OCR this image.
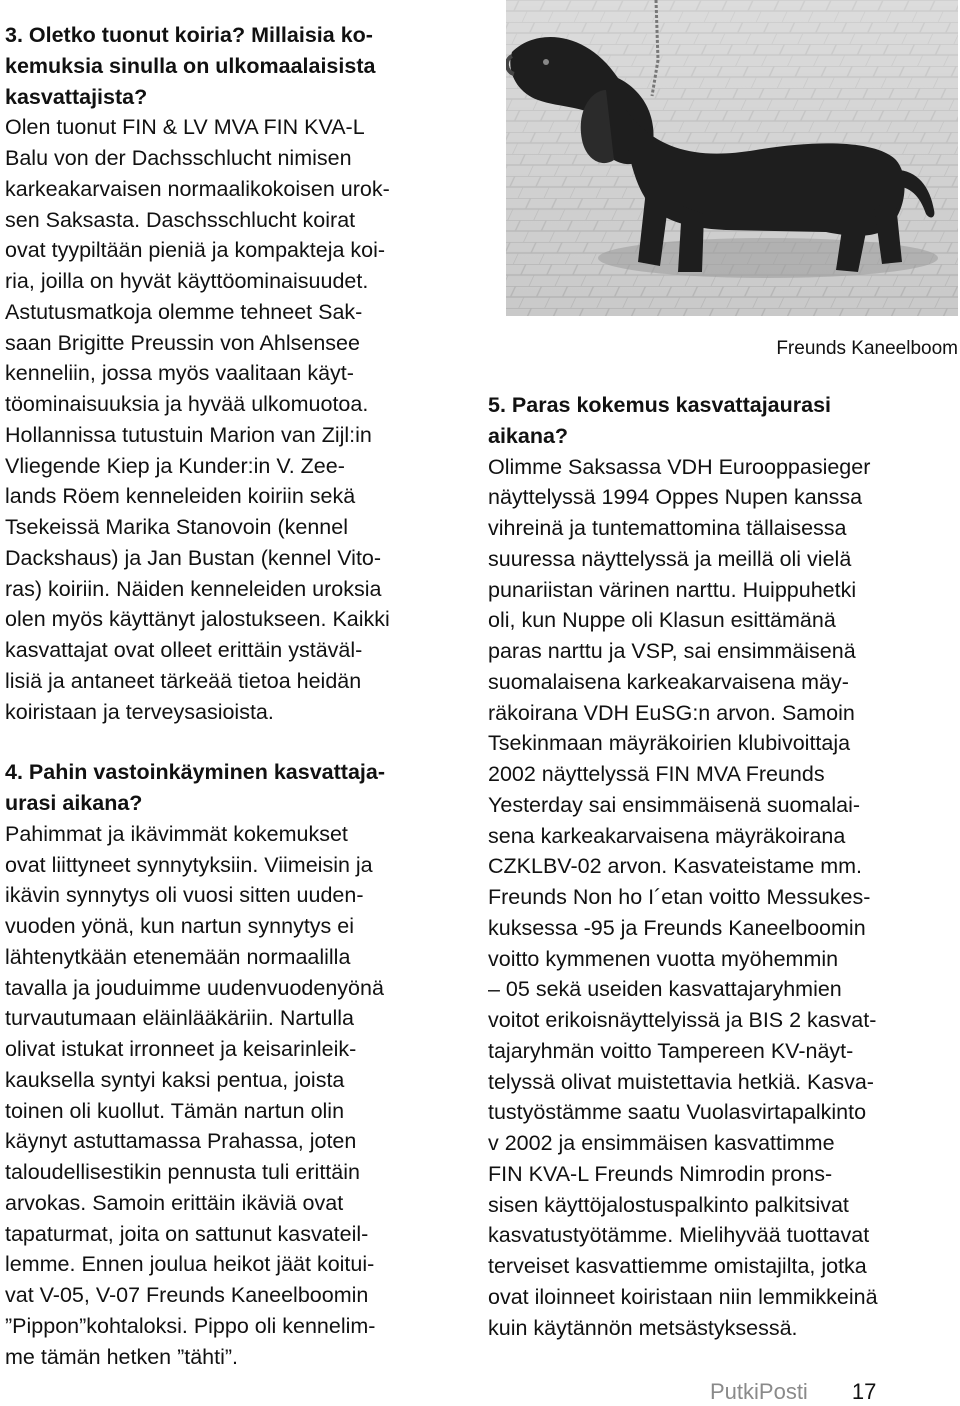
3. Oletko tuonut koiria? Millaisia ko-
kemuksia sinulla on ulkomaalaisista
kasvattajista?
Olen tuonut FIN & LV MVA FIN KVA-L
Balu von der Dachsschlucht nimisen
karkeakarvaisen normaalikokoisen urok-
sen Saksasta. Daschsschlucht koirat
ovat tyypiltään pieniä ja kompakteja koi-
ria, joilla on hyvät käyttöominaisuudet.
Astutusmatkoja olemme tehneet Sak-
saan Brigitte Preussin von Ahlsensee
kenneliin, jossa myös vaalitaan käyt-
töominaisuuksia ja hyvää ulkomuotoa.
Hollannissa tutustuin Marion van Zijl:in
Vliegende Kiep ja Kunder:in V. Zee-
lands Röem kenneleiden koiriin sekä
Tsekeissä Marika Stanovoin (kennel
Dackshaus) ja Jan Bustan (kennel Vito-
ras) koiriin. Näiden kenneleiden uroksia
olen myös käyttänyt jalostukseen. Kaikki
kasvattajat ovat olleet erittäin ystäväl-
lisiä ja antaneet tärkeää tietoa heidän
koiristaan ja terveysasioista.
4. Pahin vastoinkäyminen kasvattaja-
urasi aikana?
Pahimmat ja ikävimmät kokemukset
ovat liittyneet synnytyksiin. Viimeisin ja
ikävin synnytys oli vuosi sitten uuden-
vuoden yönä, kun nartun synnytys ei
lähtenytkään etenemään normaalilla
tavalla ja jouduimme uudenvuodenyönä
turvautumaan eläinlääkäriin. Nartulla
olivat istukat irronneet ja keisarinleik-
kauksella syntyi kaksi pentua, joista
toinen oli kuollut. Tämän nartun olin
käynyt astuttamassa Prahassa, joten
taloudellisestikin pennusta tuli erittäin
arvokas. Samoin erittäin ikäviä ovat
tapaturmat, joita on sattunut kasvateil-
lemme. Ennen joulua heikot jäät koitui-
vat V-05, V-07 Freunds Kaneelboomin
”Pippon”kohtaloksi. Pippo oli kennelim-
me tämän hetken ”tähti”.
Freunds Kaneelboom
5. Paras kokemus kasvattajaurasi
aikana?
Olimme Saksassa VDH Eurooppasieger
näyttelyssä 1994 Oppes Nupen kanssa
vihreinä ja tuntemattomina tällaisessa
suuressa näyttelyssä ja meillä oli vielä
punariistan värinen narttu. Huippuhetki
oli, kun Nuppe oli Klasun esittämänä
paras narttu ja VSP, sai ensimmäisenä
suomalaisena karkeakarvaisena mäy-
räkoirana VDH EuSG:n arvon. Samoin
Tsekinmaan mäyräkoirien klubivoittaja
2002 näyttelyssä FIN MVA Freunds
Yesterday sai ensimmäisenä suomalai-
sena karkeakarvaisena mäyräkoirana
CZKLBV-02 arvon. Kasvateistame mm.
Freunds Non ho I´etan voitto Messukes-
kuksessa -95 ja Freunds Kaneelboomin
voitto kymmenen vuotta myöhemmin
– 05 sekä useiden kasvattajaryhmien
voitot erikoisnäyttelyissä ja BIS 2 kasvat-
tajaryhmän voitto Tampereen KV-näyt-
telyssä olivat muistettavia hetkiä. Kasva-
tustyöstämme saatu Vuolasvirtapalkinto
v 2002 ja ensimmäisen kasvattimme
FIN KVA-L Freunds Nimrodin prons-
sisen käyttöjalostuspalkinto palkitsivat
kasvatustyötämme. Mielihyvää tuottavat
terveiset kasvattiemme omistajilta, jotka
ovat iloinneet koiristaan niin lemmikkeinä
kuin käytännön metsästyksessä.
PutkiPosti 17
